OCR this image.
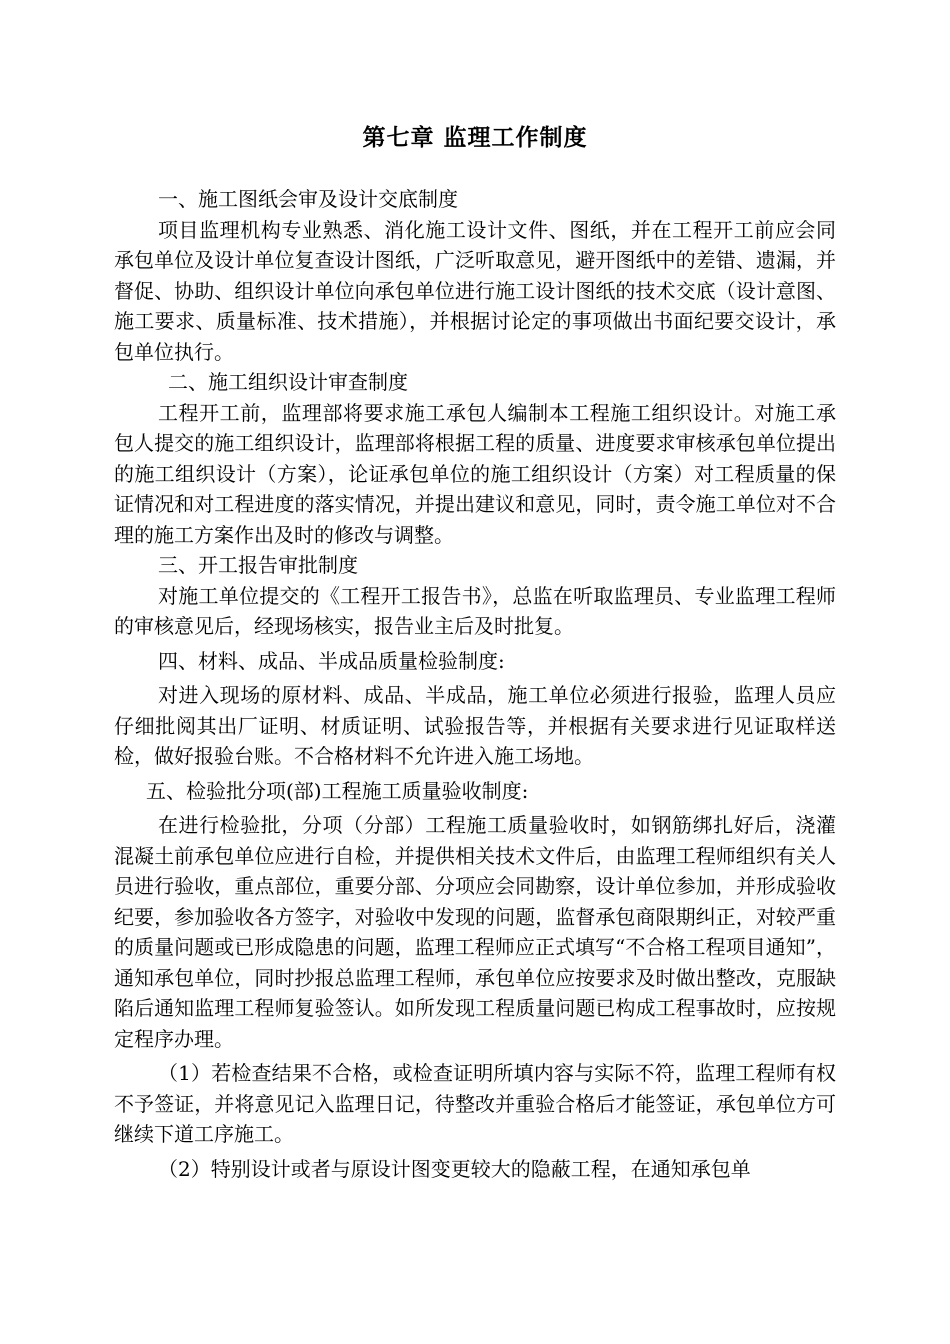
第七章 监理工作制度

一、施工图纸会审及设计交底制度

项目监理机构专业熟悉、消化施工设计文件、图纸，并在工程开工前应会同承包单位及设计单位复查设计图纸，广泛听取意见，避开图纸中的差错、遗漏，并督促、协助、组织设计单位向承包单位进行施工设计图纸的技术交底（设计意图、施工要求、质量标准、技术措施），并根据讨论定的事项做出书面纪要交设计，承包单位执行。

二、施工组织设计审查制度

工程开工前，监理部将要求施工承包人编制本工程施工组织设计。对施工承包人提交的施工组织设计，监理部将根据工程的质量、进度要求审核承包单位提出的施工组织设计（方案），论证承包单位的施工组织设计（方案）对工程质量的保证情况和对工程进度的落实情况，并提出建议和意见，同时，责令施工单位对不合理的施工方案作出及时的修改与调整。

三、开工报告审批制度

对施工单位提交的《工程开工报告书》，总监在听取监理员、专业监理工程师的审核意见后，经现场核实，报告业主后及时批复。

四、材料、成品、半成品质量检验制度:

对进入现场的原材料、成品、半成品，施工单位必须进行报验，监理人员应仔细批阅其出厂证明、材质证明、试验报告等，并根据有关要求进行见证取样送检，做好报验台账。不合格材料不允许进入施工场地。

五、检验批分项(部)工程施工质量验收制度:

在进行检验批，分项（分部）工程施工质量验收时，如钢筋绑扎好后，浇灌混凝土前承包单位应进行自检，并提供相关技术文件后，由监理工程师组织有关人员进行验收，重点部位，重要分部、分项应会同勘察，设计单位参加，并形成验收纪要，参加验收各方签字，对验收中发现的问题，监督承包商限期纠正，对较严重的质量问题或已形成隐患的问题，监理工程师应正式填写“不合格工程项目通知”，通知承包单位，同时抄报总监理工程师，承包单位应按要求及时做出整改，克服缺陷后通知监理工程师复验签认。如所发现工程质量问题已构成工程事故时，应按规定程序办理。

（1）若检查结果不合格，或检查证明所填内容与实际不符，监理工程师有权不予签证，并将意见记入监理日记，待整改并重验合格后才能签证，承包单位方可继续下道工序施工。

（2）特别设计或者与原设计图变更较大的隐蔽工程，在通知承包单
